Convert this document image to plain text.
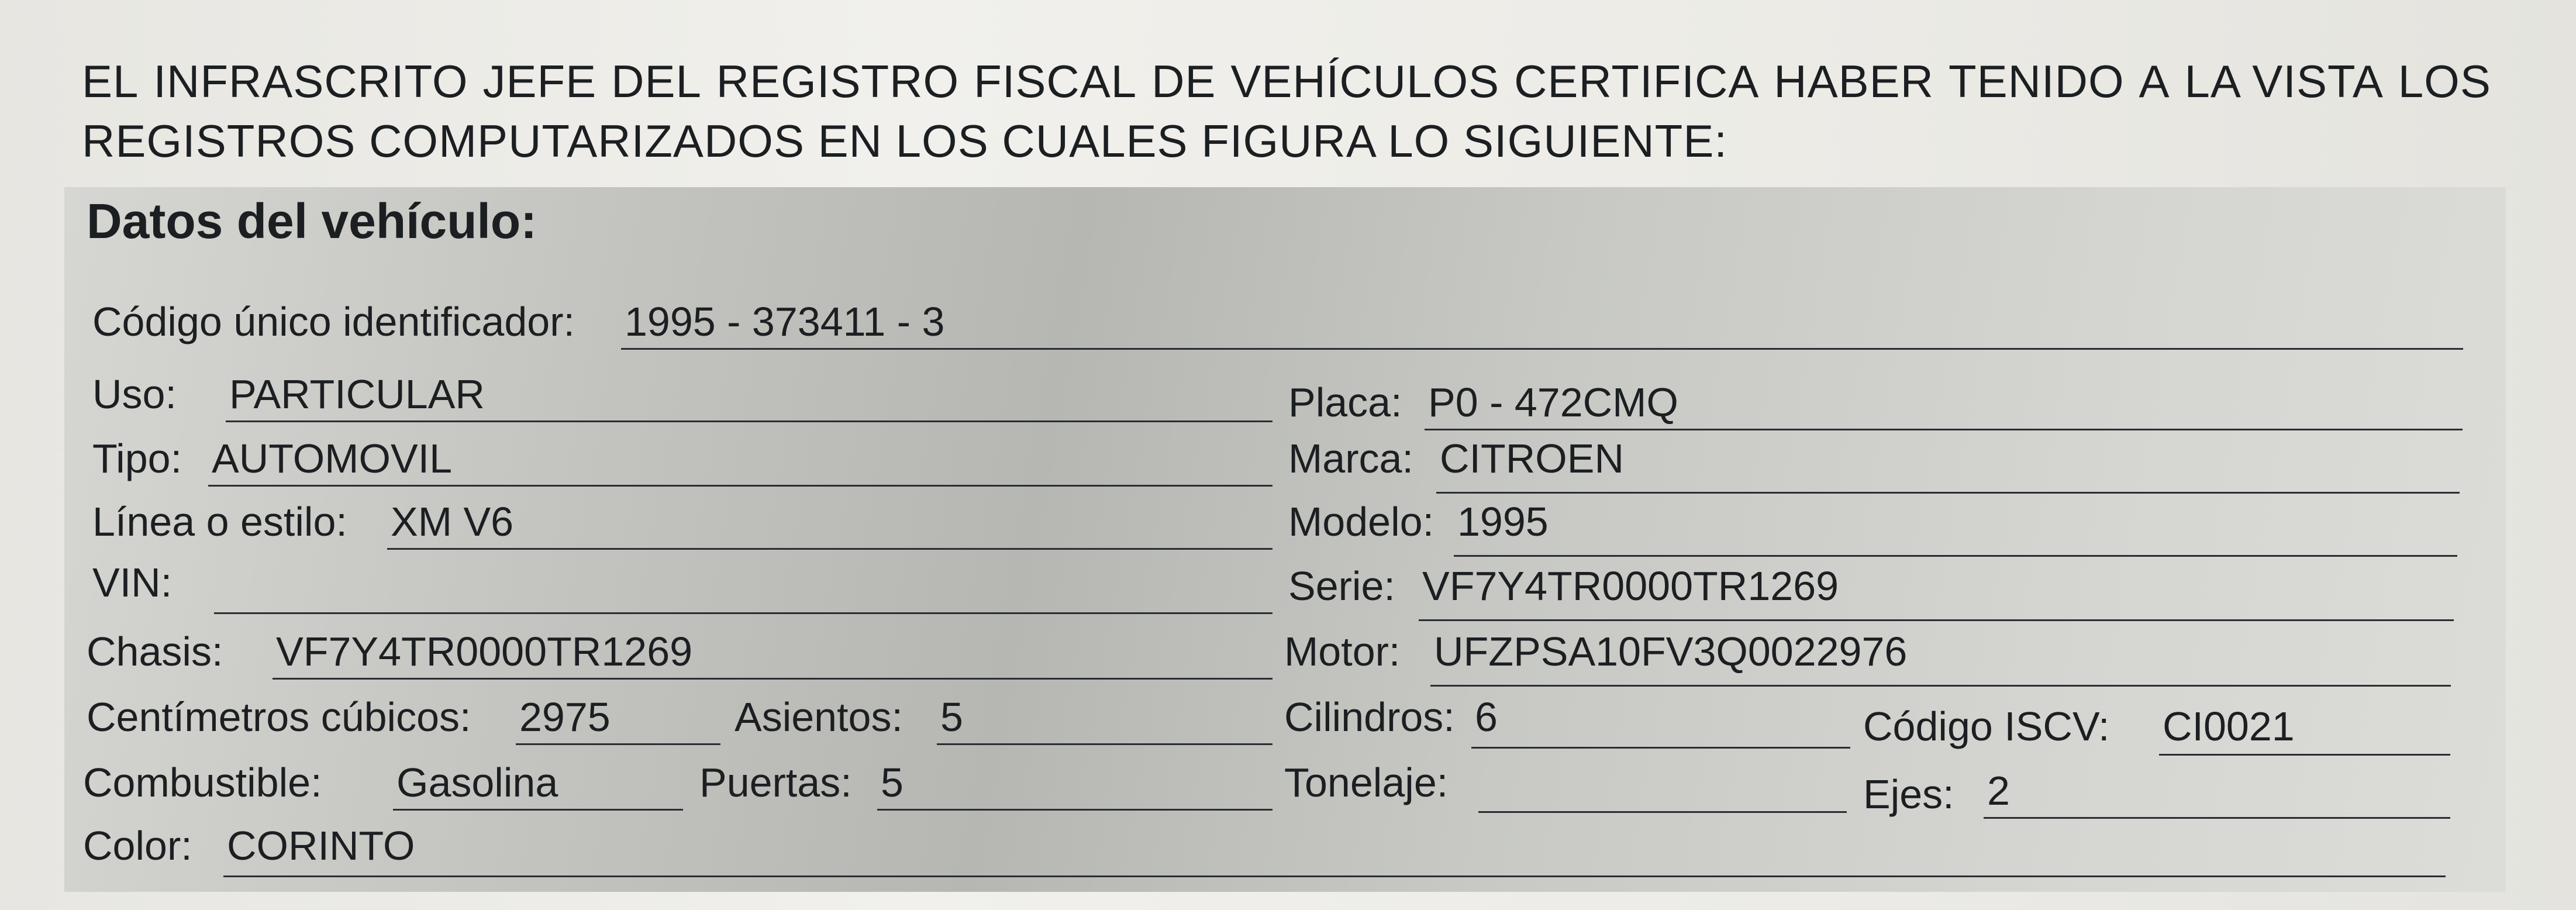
EL INFRASCRITO JEFE DEL REGISTRO FISCAL DE VEHÍCULOS CERTIFICA HABER TENIDO A LA VISTA LOS
REGISTROS COMPUTARIZADOS EN LOS CUALES FIGURA LO SIGUIENTE:
Datos del vehículo:
Código único identificador: 1995 - 373411 - 3
Uso: PARTICULAR	Placa: P0 - 472CMQ
Tipo: AUTOMOVIL	Marca: CITROEN
Línea o estilo: XM V6	Modelo: 1995
VIN:	Serie: VF7Y4TR0000TR1269
Chasis: VF7Y4TR0000TR1269	Motor: UFZPSA10FV3Q0022976
Centímetros cúbicos: 2975	Asientos: 5	Cilindros: 6	Código ISCV: CI0021
Combustible: Gasolina	Puertas: 5	Tonelaje:	Ejes: 2
Color: CORINTO
